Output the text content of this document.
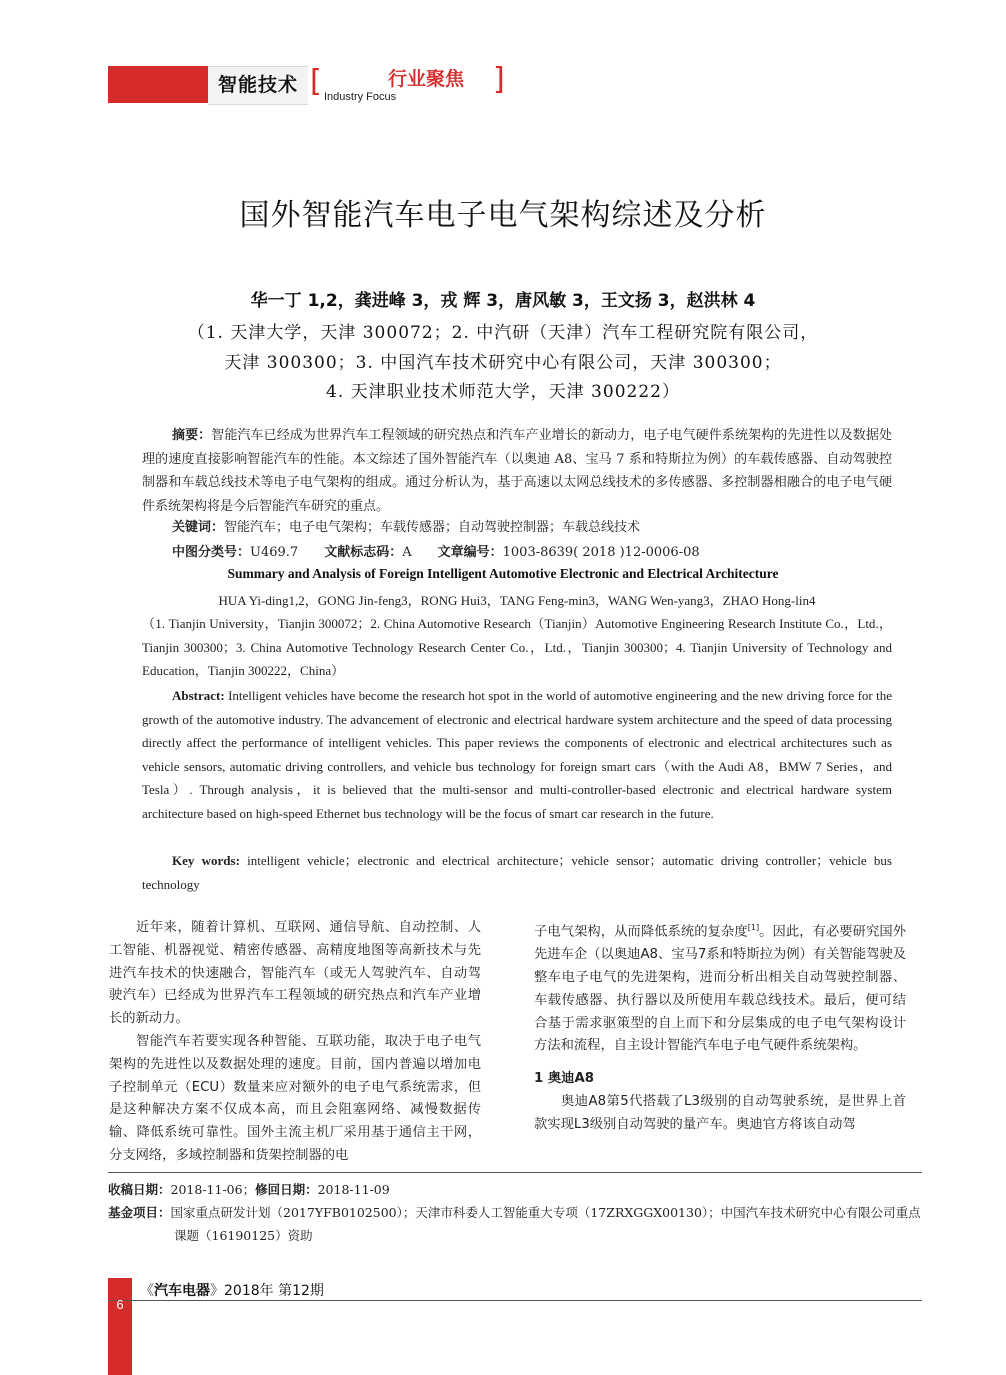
智能技术 [	行业聚焦
Industry Focus	]
国外智能汽车电子电气架构综述及分析
华一丁 1,2，龚进峰 3，戎 辉 3，唐风敏 3，王文扬 3，赵洪林 4
（1. 天津大学，天津 300072；2. 中汽研（天津）汽车工程研究院有限公司，
天津 300300；3. 中国汽车技术研究中心有限公司，天津 300300；
4. 天津职业技术师范大学，天津 300222）
摘要：智能汽车已经成为世界汽车工程领域的研究热点和汽车产业增长的新动力，电子电气硬件系统架构的先进性以及数据处理的速度直接影响智能汽车的性能。本文综述了国外智能汽车（以奥迪 A8、宝马 7 系和特斯拉为例）的车载传感器、自动驾驶控制器和车载总线技术等电子电气架构的组成。通过分析认为，基于高速以太网总线技术的多传感器、多控制器相融合的电子电气硬件系统架构将是今后智能汽车研究的重点。
关键词：智能汽车；电子电气架构；车载传感器；自动驾驶控制器；车载总线技术
中图分类号：U469.7   文献标志码：A   文章编号：1003-8639( 2018 )12-0006-08
Summary and Analysis of Foreign Intelligent Automotive Electronic and Electrical Architecture
HUA Yi-ding1,2，GONG Jin-feng3，RONG Hui3，TANG Feng-min3，WANG Wen-yang3，ZHAO Hong-lin4
（1. Tianjin University，Tianjin 300072；2. China Automotive Research（Tianjin）Automotive Engineering Research Institute Co.，Ltd.，Tianjin 300300；3. China Automotive Technology Research Center Co.，Ltd.，Tianjin 300300；4. Tianjin University of Technology and Education，Tianjin 300222，China）
Abstract: Intelligent vehicles have become the research hot spot in the world of automotive engineering and the new driving force for the growth of the automotive industry. The advancement of electronic and electrical hardware system architecture and the speed of data processing directly affect the performance of intelligent vehicles. This paper reviews the components of electronic and electrical architectures such as vehicle sensors, automatic driving controllers, and vehicle bus technology for foreign smart cars（with the Audi A8，BMW 7 Series，and Tesla）. Through analysis，it is believed that the multi-sensor and multi-controller-based electronic and electrical hardware system architecture based on high-speed Ethernet bus technology will be the focus of smart car research in the future.
Key words: intelligent vehicle；electronic and electrical architecture；vehicle sensor；automatic driving controller；vehicle bus technology

近年来，随着计算机、互联网、通信导航、自动控制、人工智能、机器视觉、精密传感器、高精度地图等高新技术与先进汽车技术的快速融合，智能汽车（或无人驾驶汽车、自动驾驶汽车）已经成为世界汽车工程领域的研究热点和汽车产业增长的新动力。

智能汽车若要实现各种智能、互联功能，取决于电子电气架构的先进性以及数据处理的速度。目前，国内普遍以增加电子控制单元（ECU）数量来应对额外的电子电气系统需求，但是这种解决方案不仅成本高，而且会阻塞网络、减慢数据传输、降低系统可靠性。国外主流主机厂采用基于通信主干网，分支网络，多域控制器和货架控制器的电

子电气架构，从而降低系统的复杂度[1]。因此，有必要研究国外先进车企（以奥迪A8、宝马7系和特斯拉为例）有关智能驾驶及整车电子电气的先进架构，进而分析出相关自动驾驶控制器、车载传感器、执行器以及所使用车载总线技术。最后，便可结合基于需求驱策型的自上而下和分层集成的电子电气架构设计方法和流程，自主设计智能汽车电子电气硬件系统架构。

1 奥迪A8

奥迪A8第5代搭载了L3级别的自动驾驶系统，是世界上首款实现L3级别自动驾驶的量产车。奥迪官方将该自动驾

收稿日期：2018-11-06；修回日期：2018-11-09
基金项目：国家重点研发计划（2017YFB0102500）；天津市科委人工智能重大专项（17ZRXGGX00130）；中国汽车技术研究中心有限公司重点课题（16190125）资助
6
《汽车电器》2018年 第12期
